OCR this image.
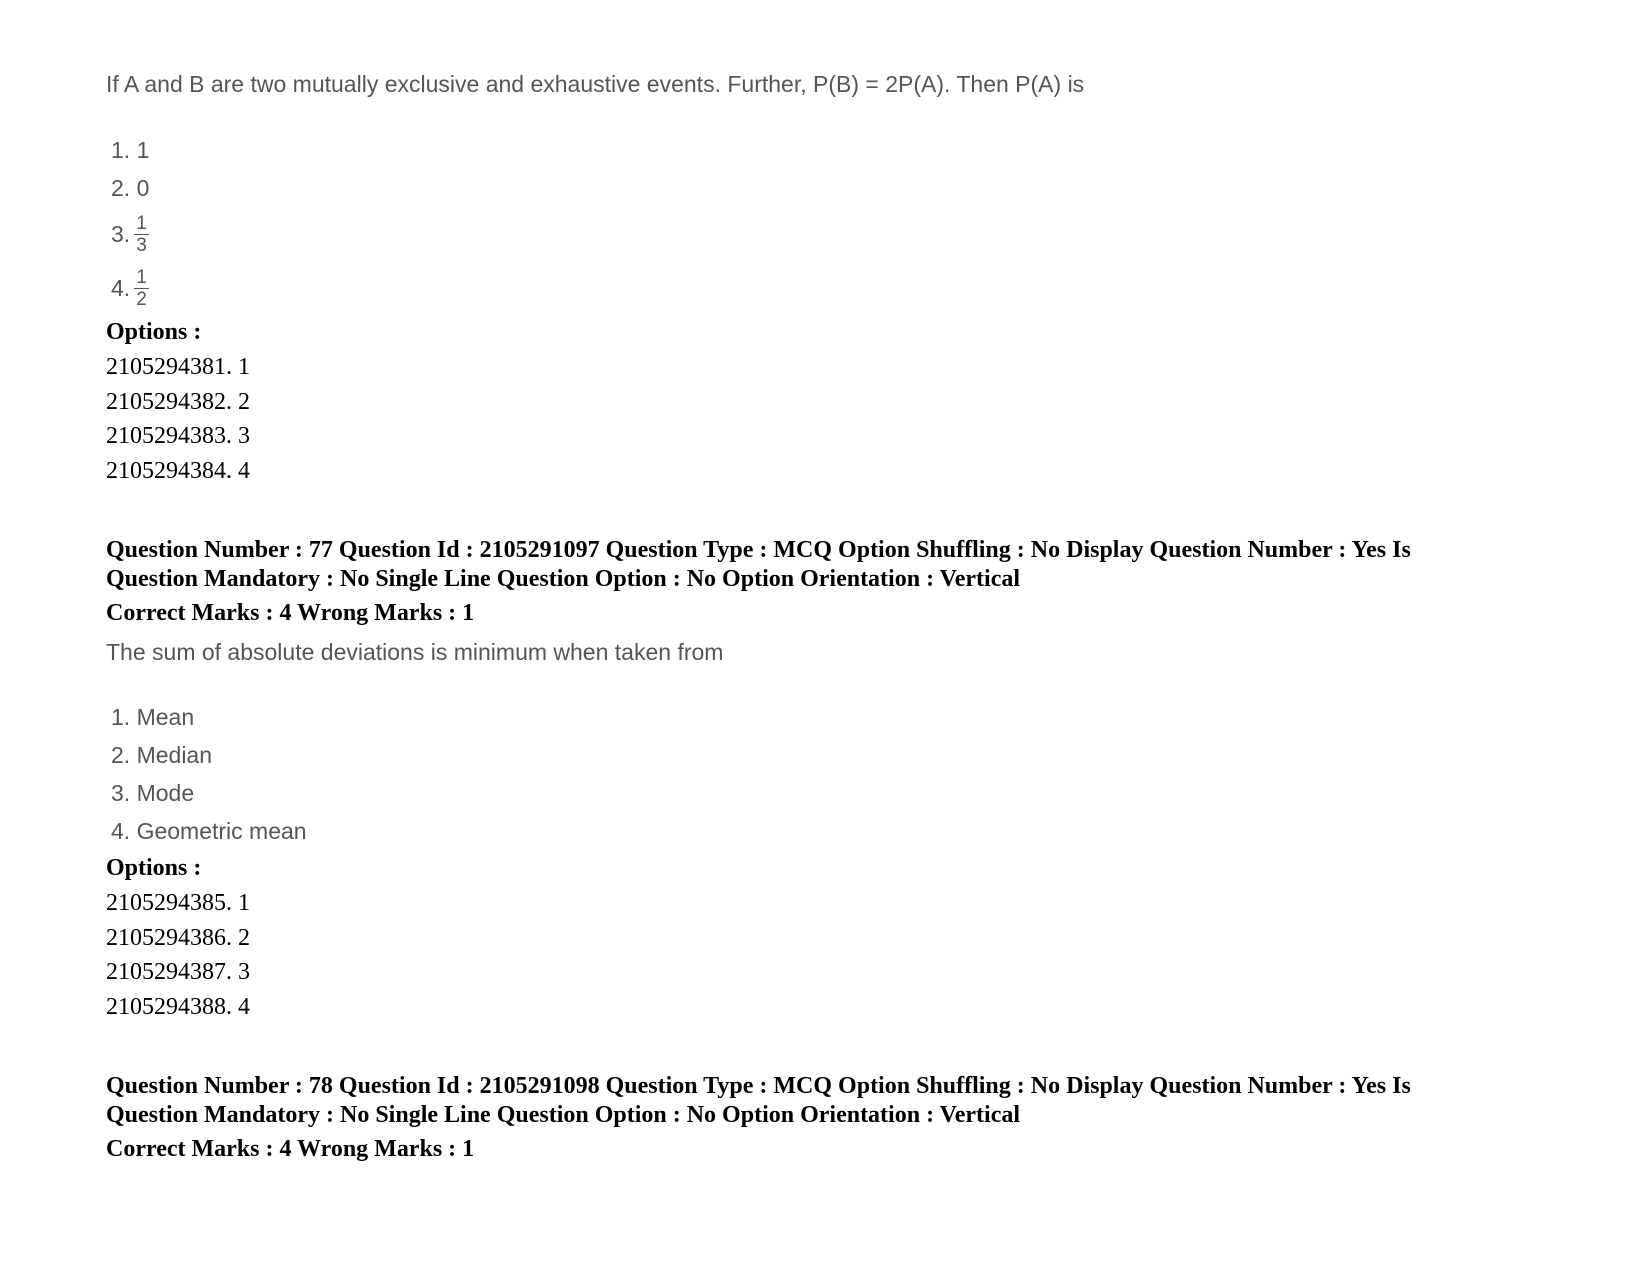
If A and B are two mutually exclusive and exhaustive events. Further, P(B) = 2P(A). Then P(A) is
1. 1
2. 0
3. $\frac{1}{3}$
4. $\frac{1}{2}$
Options :
2105294381. 1
2105294382. 2
2105294383. 3
2105294384. 4
Question Number : 77 Question Id : 2105291097 Question Type : MCQ Option Shuffling : No Display Question Number : Yes Is
Question Mandatory : No Single Line Question Option : No Option Orientation : Vertical
Correct Marks : 4 Wrong Marks : 1
The sum of absolute deviations is minimum when taken from
1. Mean
2. Median
3. Mode
4. Geometric mean
Options :
2105294385. 1
2105294386. 2
2105294387. 3
2105294388. 4
Question Number : 78 Question Id : 2105291098 Question Type : MCQ Option Shuffling : No Display Question Number : Yes Is
Question Mandatory : No Single Line Question Option : No Option Orientation : Vertical
Correct Marks : 4 Wrong Marks : 1
